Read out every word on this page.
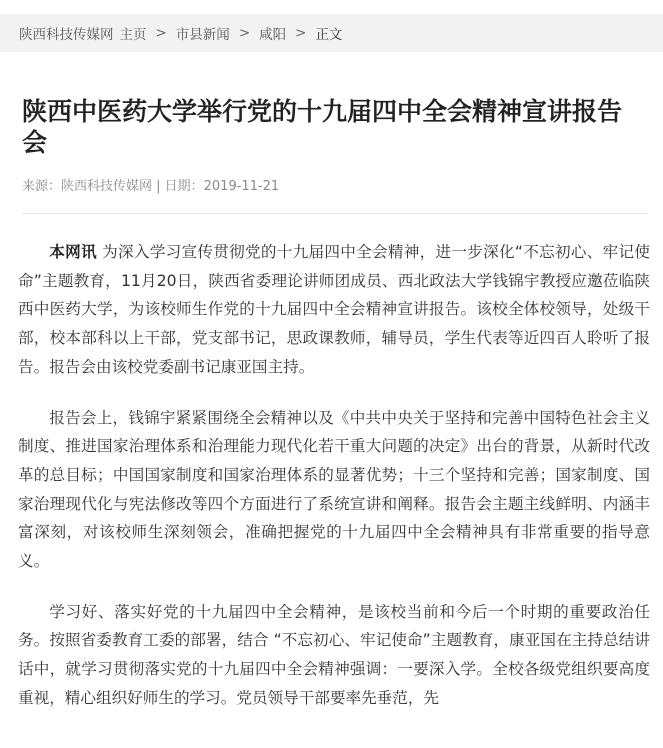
陕西科技传媒网 主页 > 市县新闻 > 咸阳 > 正文
陕西中医药大学举行党的十九届四中全会精神宣讲报告会
来源：陕西科技传媒网 | 日期：2019-11-21

本网讯 为深入学习宣传贯彻党的十九届四中全会精神，进一步深化“不忘初心、牢记使命”主题教育，11月20日，陕西省委理论讲师团成员、西北政法大学钱锦宇教授应邀莅临陕西中医药大学，为该校师生作党的十九届四中全会精神宣讲报告。该校全体校领导，处级干部，校本部科以上干部，党支部书记，思政课教师，辅导员，学生代表等近四百人聆听了报告。报告会由该校党委副书记康亚国主持。

报告会上，钱锦宇紧紧围绕全会精神以及《中共中央关于坚持和完善中国特色社会主义制度、推进国家治理体系和治理能力现代化若干重大问题的决定》出台的背景，从新时代改革的总目标；中国国家制度和国家治理体系的显著优势；十三个坚持和完善；国家制度、国家治理现代化与宪法修改等四个方面进行了系统宣讲和阐释。报告会主题主线鲜明、内涵丰富深刻，对该校师生深刻领会，准确把握党的十九届四中全会精神具有非常重要的指导意义。

学习好、落实好党的十九届四中全会精神，是该校当前和今后一个时期的重要政治任务。按照省委教育工委的部署，结合 “不忘初心、牢记使命”主题教育，康亚国在主持总结讲话中，就学习贯彻落实党的十九届四中全会精神强调：一要深入学。全校各级党组织要高度重视，精心组织好师生的学习。党员领导干部要率先垂范，先
